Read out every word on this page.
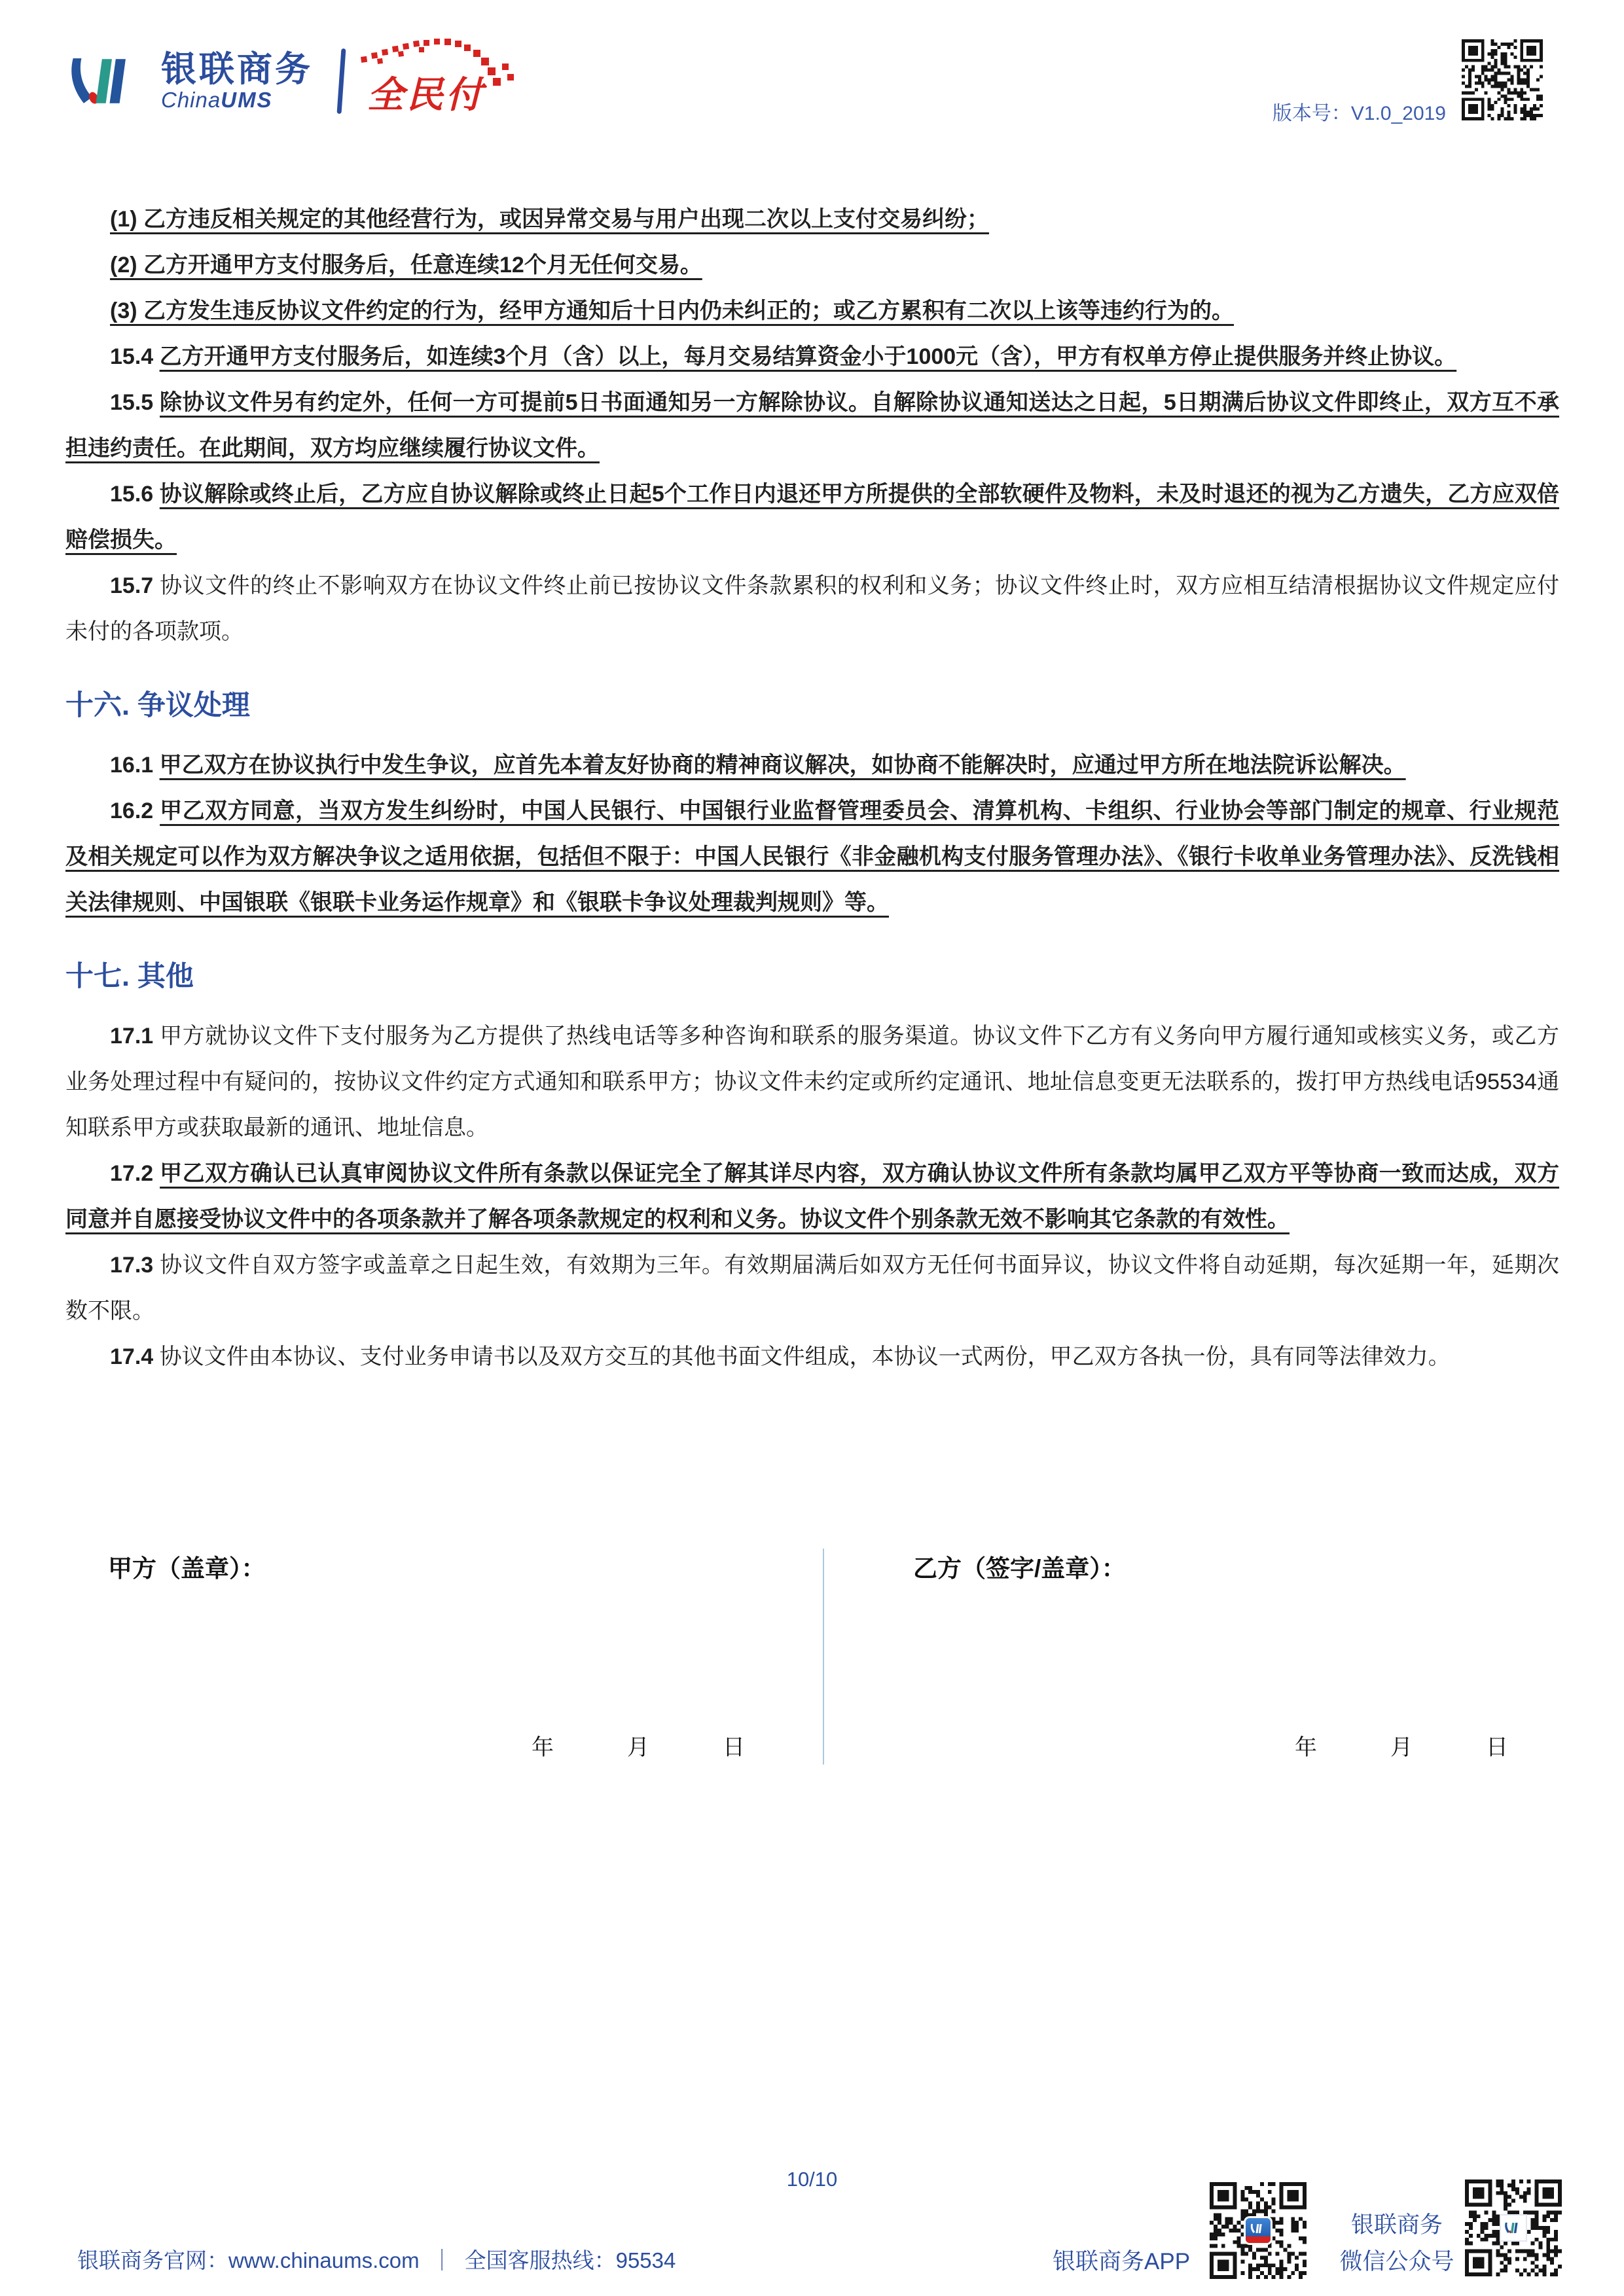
银联商务
ChinaUMS	全民付	版本号：V1.0_2019

(1) 乙方违反相关规定的其他经营行为，或因异常交易与用户出现二次以上支付交易纠纷；

(2) 乙方开通甲方支付服务后，任意连续12个月无任何交易。

(3) 乙方发生违反协议文件约定的行为，经甲方通知后十日内仍未纠正的；或乙方累积有二次以上该等违约行为的。

15.4 乙方开通甲方支付服务后，如连续3个月（含）以上，每月交易结算资金小于1000元（含），甲方有权单方停止提供服务并终止协议。

15.5 除协议文件另有约定外，任何一方可提前5日书面通知另一方解除协议。自解除协议通知送达之日起，5日期满后协议文件即终止，双方互不承担违约责任。在此期间，双方均应继续履行协议文件。

15.6 协议解除或终止后，乙方应自协议解除或终止日起5个工作日内退还甲方所提供的全部软硬件及物料，未及时退还的视为乙方遗失，乙方应双倍赔偿损失。

15.7 协议文件的终止不影响双方在协议文件终止前已按协议文件条款累积的权利和义务；协议文件终止时，双方应相互结清根据协议文件规定应付未付的各项款项。

十六. 争议处理

16.1 甲乙双方在协议执行中发生争议，应首先本着友好协商的精神商议解决，如协商不能解决时，应通过甲方所在地法院诉讼解决。

16.2 甲乙双方同意，当双方发生纠纷时，中国人民银行、中国银行业监督管理委员会、清算机构、卡组织、行业协会等部门制定的规章、行业规范及相关规定可以作为双方解决争议之适用依据，包括但不限于：中国人民银行《非金融机构支付服务管理办法》、《银行卡收单业务管理办法》、反洗钱相关法律规则、中国银联《银联卡业务运作规章》和《银联卡争议处理裁判规则》等。

十七. 其他

17.1 甲方就协议文件下支付服务为乙方提供了热线电话等多种咨询和联系的服务渠道。协议文件下乙方有义务向甲方履行通知或核实义务，或乙方业务处理过程中有疑问的，按协议文件约定方式通知和联系甲方；协议文件未约定或所约定通讯、地址信息变更无法联系的，拨打甲方热线电话95534通知联系甲方或获取最新的通讯、地址信息。

17.2 甲乙双方确认已认真审阅协议文件所有条款以保证完全了解其详尽内容，双方确认协议文件所有条款均属甲乙双方平等协商一致而达成，双方同意并自愿接受协议文件中的各项条款并了解各项条款规定的权利和义务。协议文件个别条款无效不影响其它条款的有效性。

17.3 协议文件自双方签字或盖章之日起生效，有效期为三年。有效期届满后如双方无任何书面异议，协议文件将自动延期，每次延期一年，延期次数不限。

17.4 协议文件由本协议、支付业务申请书以及双方交互的其他书面文件组成，本协议一式两份，甲乙双方各执一份，具有同等法律效力。

甲方（盖章）：	乙方（签字/盖章）：
年	月	日	年	月	日
10/10
银联商务官网：www.chinaums.com ｜ 全国客服热线：95534	银联商务APP
银联商务
微信公众号
